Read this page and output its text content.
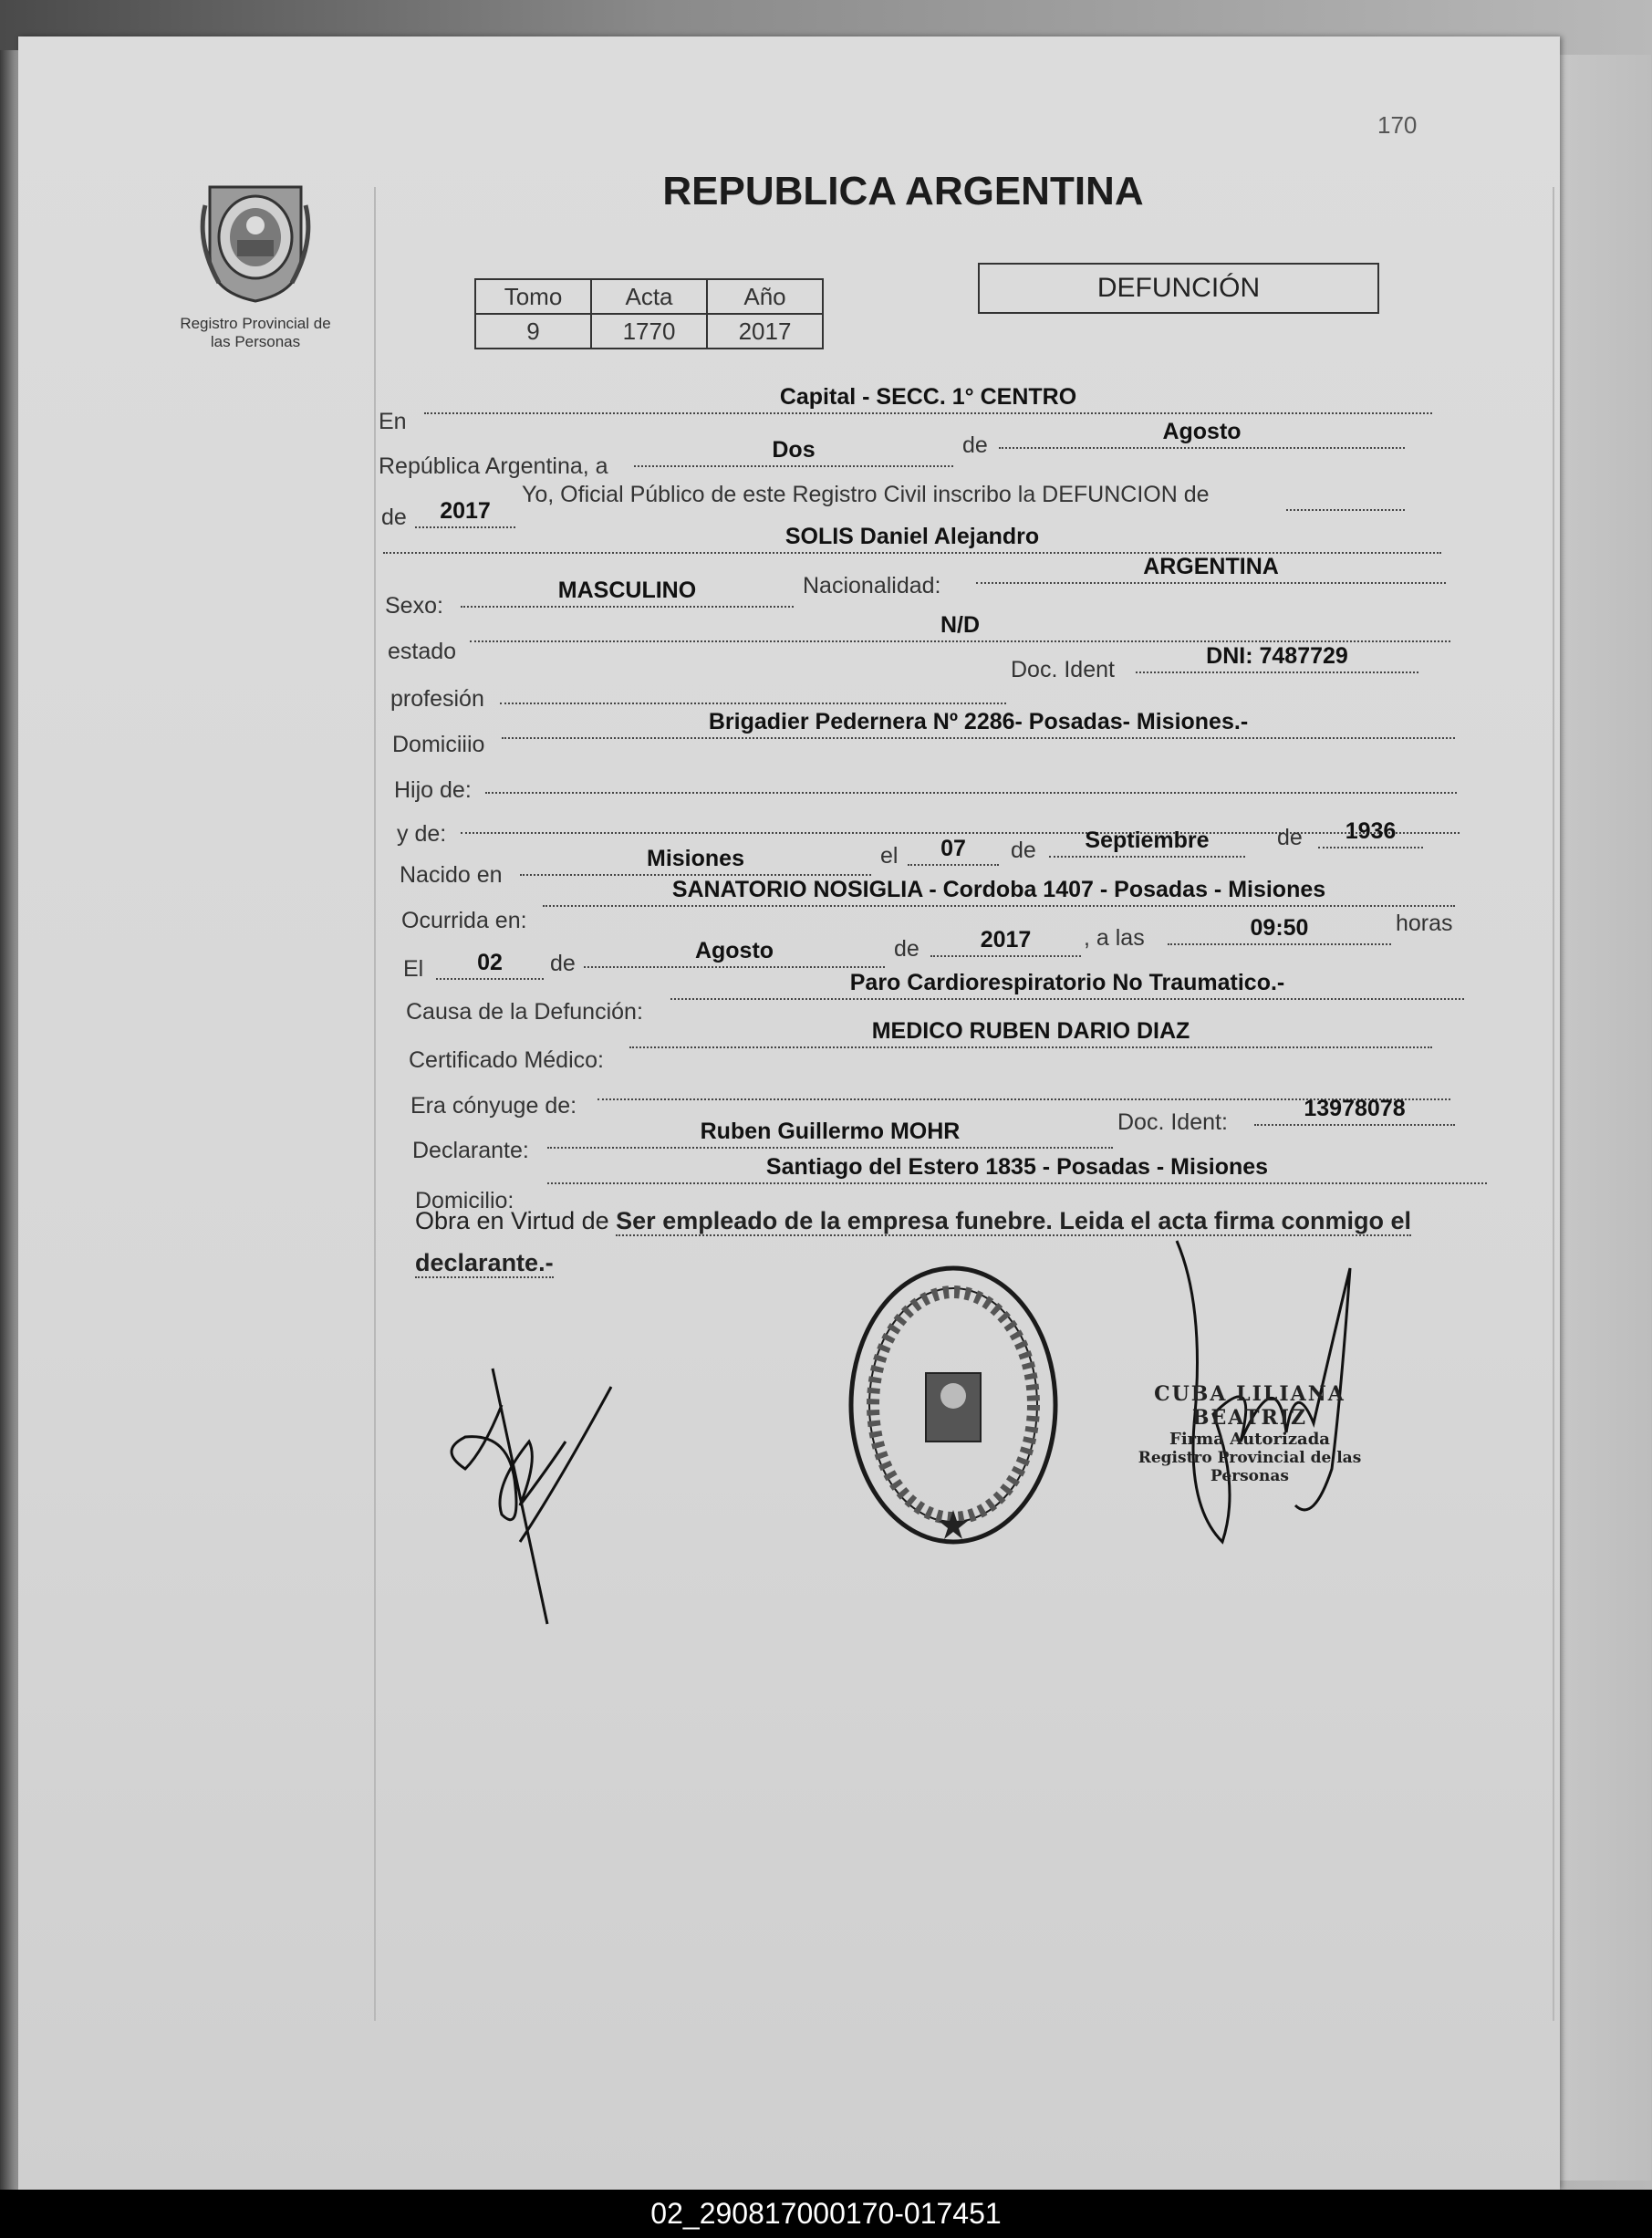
170
Registro Provincial de
las Personas
REPUBLICA ARGENTINA
Tomo	Acta	Año
9	1770	2017
DEFUNCIÓN
En
Capital - SECC. 1° CENTRO
República Argentina, a
Dos	de
Agosto
de	2017
Yo, Oficial Público de este Registro Civil inscribo la DEFUNCION de
SOLIS Daniel Alejandro
Sexo:
MASCULINO	Nacionalidad:
ARGENTINA
estado
N/D
profesión
Doc. Ident
DNI: 7487729
Domiciiio
Brigadier Pedernera Nº 2286- Posadas- Misiones.-
Hijo de:
y de:
Nacido en
Misiones	el	07	de	Septiembre	de	1936
Ocurrida en:
SANATORIO NOSIGLIA - Cordoba 1407 - Posadas - Misiones
El	02	de	Agosto	de	2017	, a las	09:50	horas
Causa de la Defunción:
Paro Cardiorespiratorio No Traumatico.-
Certificado Médico:
MEDICO RUBEN DARIO DIAZ
Era cónyuge de:
Declarante:
Ruben Guillermo MOHR	Doc. Ident:
13978078
Domicilio:
Santiago del Estero 1835 - Posadas - Misiones
Obra en Virtud de Ser empleado de la empresa funebre. Leida el acta firma conmigo el
declarante.-
CUBA LILIANA BEATRIZ
Firma Autorizada
Registro Provincial de las Personas
02_290817000170-017451
